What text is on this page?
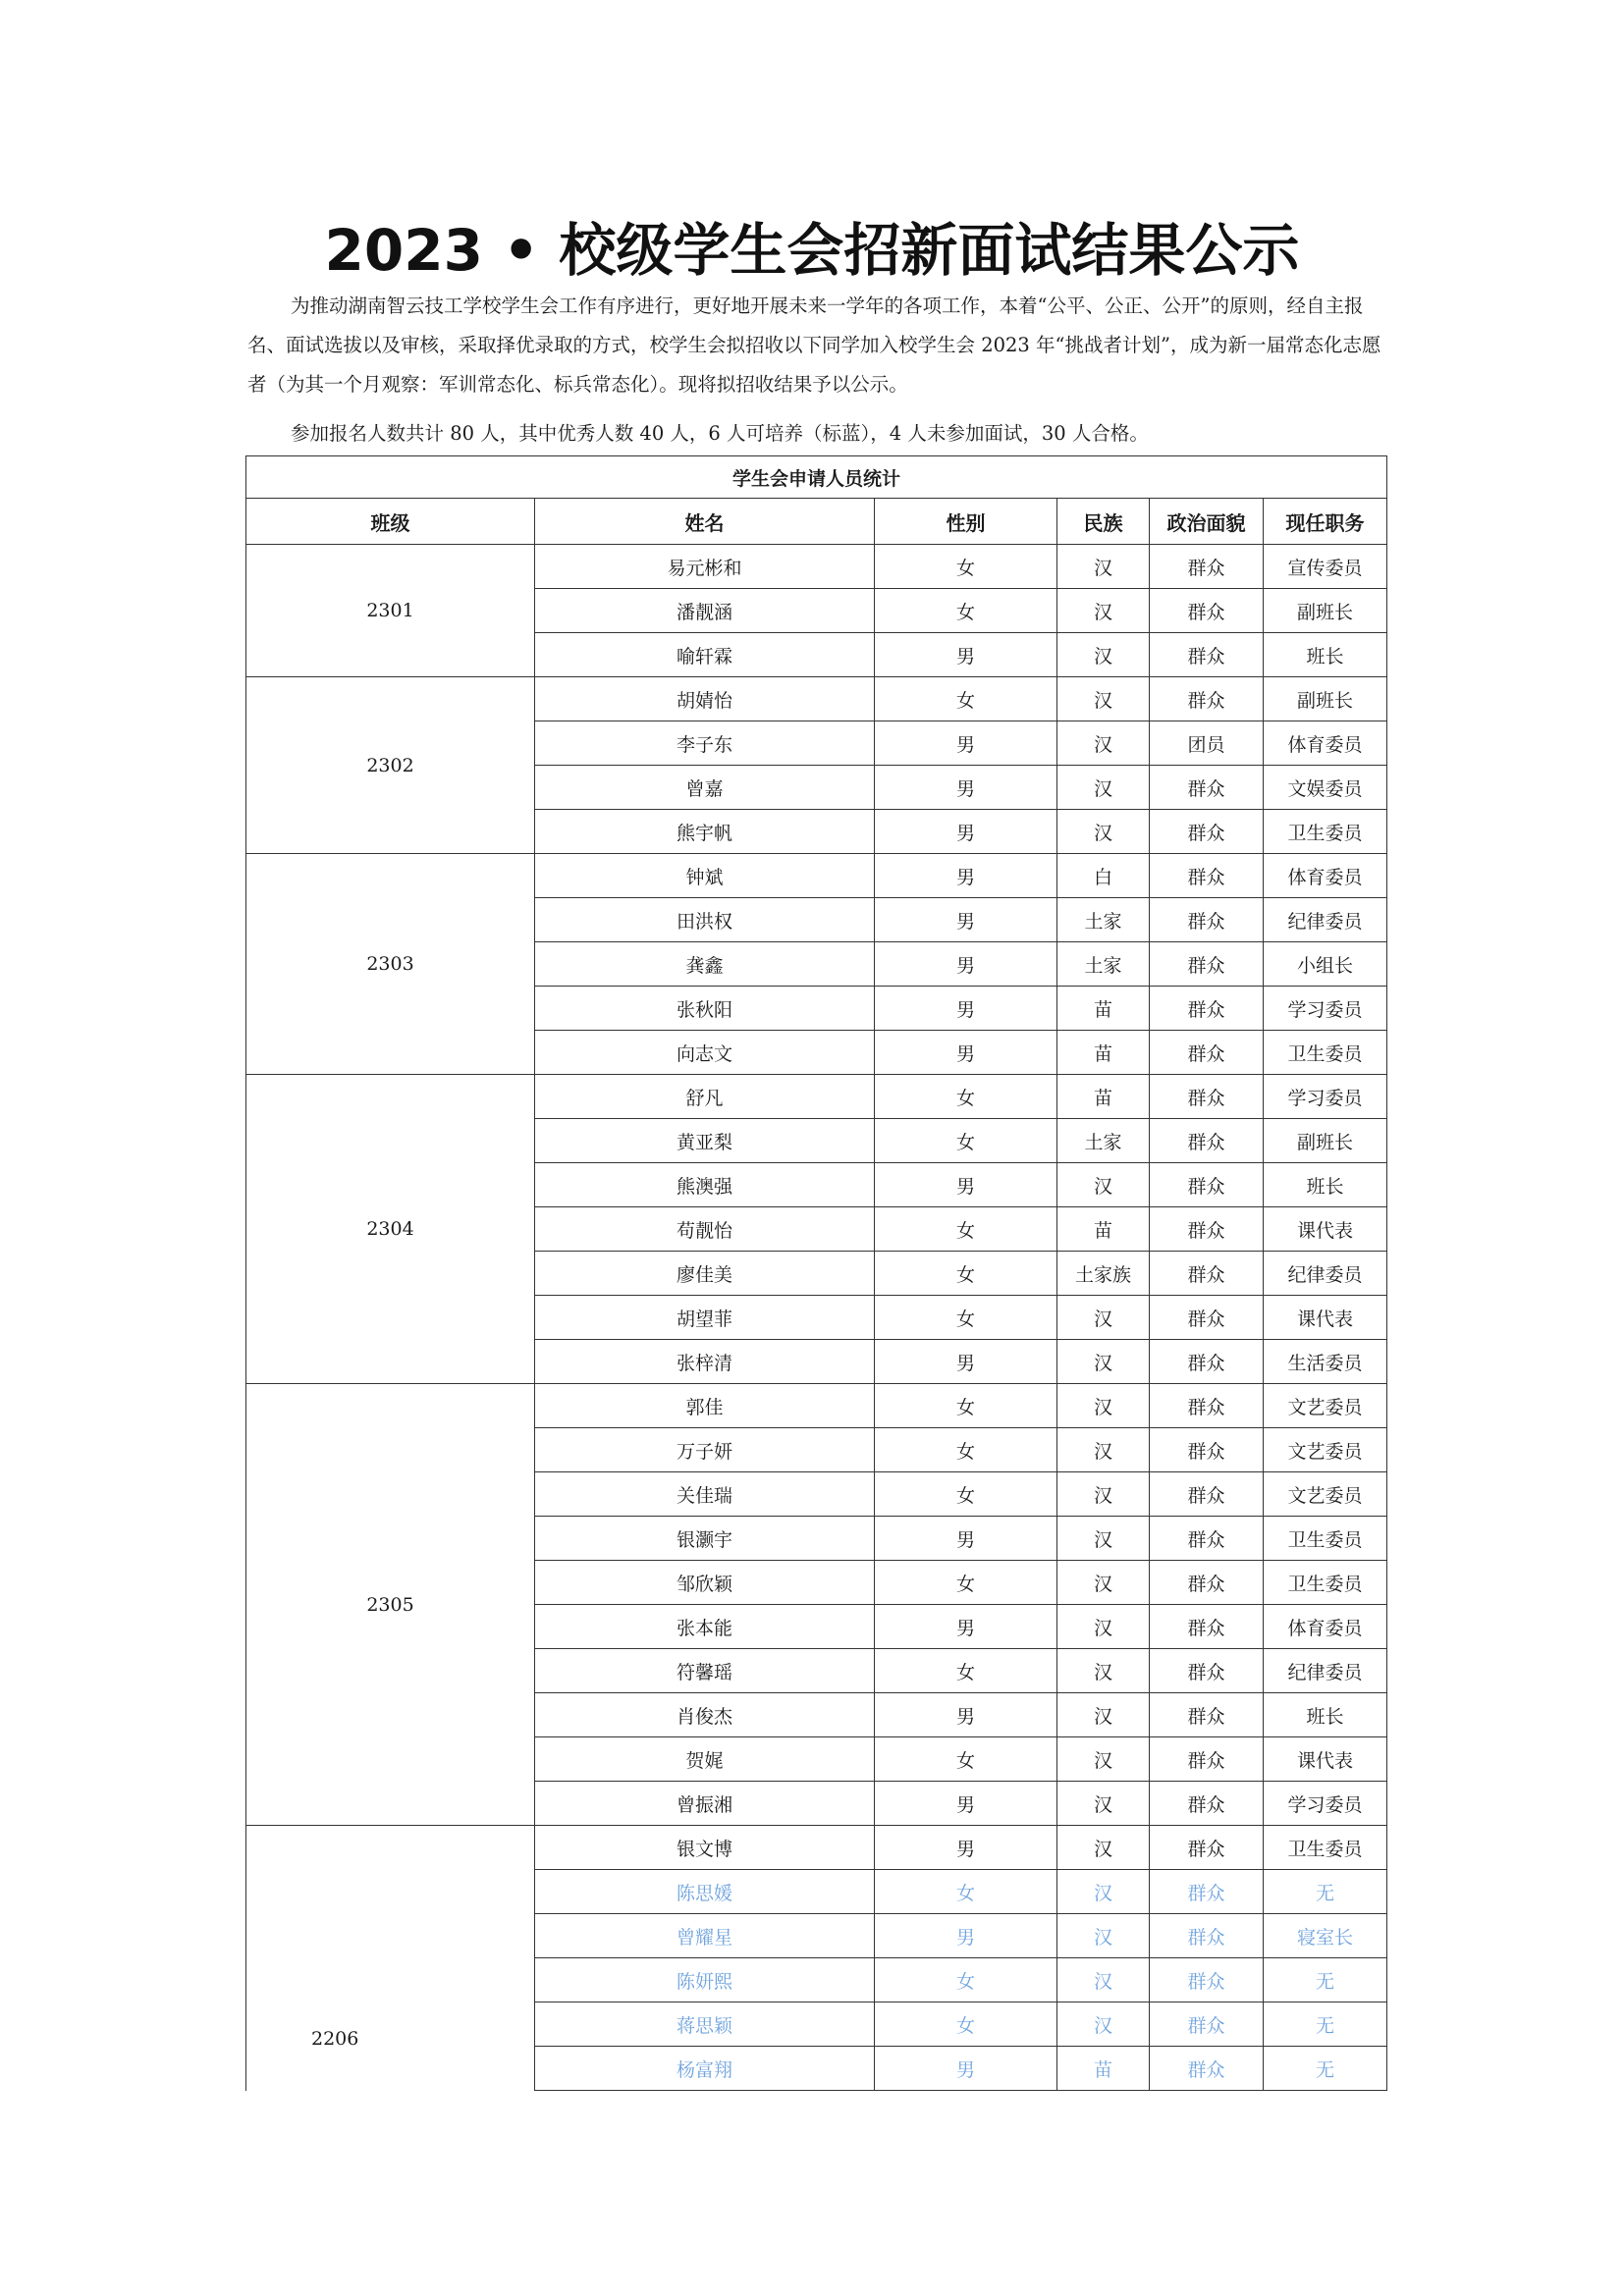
2023 • 校级学生会招新面试结果公示
为推动湖南智云技工学校学生会工作有序进行，更好地开展未来一学年的各项工作，本着“公平、公正、公开”的原则，经自主报名、面试选拔以及审核，采取择优录取的方式，校学生会拟招收以下同学加入校学生会 2023 年“挑战者计划”，成为新一届常态化志愿者（为其一个月观察：军训常态化、标兵常态化）。现将拟招收结果予以公示。
参加报名人数共计 80 人，其中优秀人数 40 人，6 人可培养（标蓝），4 人未参加面试，30 人合格。
学生会申请人员统计					
班级	姓名	性别	民族	政治面貌	现任职务
2301	易元彬和	女	汉	群众	宣传委员
	潘靓涵	女	汉	群众	副班长
	喻轩霖	男	汉	群众	班长
2302	胡婧怡	女	汉	群众	副班长
	李子东	男	汉	团员	体育委员
	曾嘉	男	汉	群众	文娱委员
	熊宇帆	男	汉	群众	卫生委员
2303	钟斌	男	白	群众	体育委员
	田洪权	男	土家	群众	纪律委员
	龚鑫	男	土家	群众	小组长
	张秋阳	男	苗	群众	学习委员
	向志文	男	苗	群众	卫生委员
2304	舒凡	女	苗	群众	学习委员
	黄亚梨	女	土家	群众	副班长
	熊澳强	男	汉	群众	班长
	苟靓怡	女	苗	群众	课代表
	廖佳美	女	土家族	群众	纪律委员
	胡望菲	女	汉	群众	课代表
	张梓清	男	汉	群众	生活委员
2305	郭佳	女	汉	群众	文艺委员
	万子妍	女	汉	群众	文艺委员
	关佳瑞	女	汉	群众	文艺委员
	银灏宇	男	汉	群众	卫生委员
	邹欣颖	女	汉	群众	卫生委员
	张本能	男	汉	群众	体育委员
	符馨瑶	女	汉	群众	纪律委员
	肖俊杰	男	汉	群众	班长
	贺娓	女	汉	群众	课代表
	曾振湘	男	汉	群众	学习委员
2206	银文博	男	汉	群众	卫生委员
	陈思媛	女	汉	群众	无
	曾耀星	男	汉	群众	寝室长
	陈妍熙	女	汉	群众	无
	蒋思颖	女	汉	群众	无
	杨富翔	男	苗	群众	无
